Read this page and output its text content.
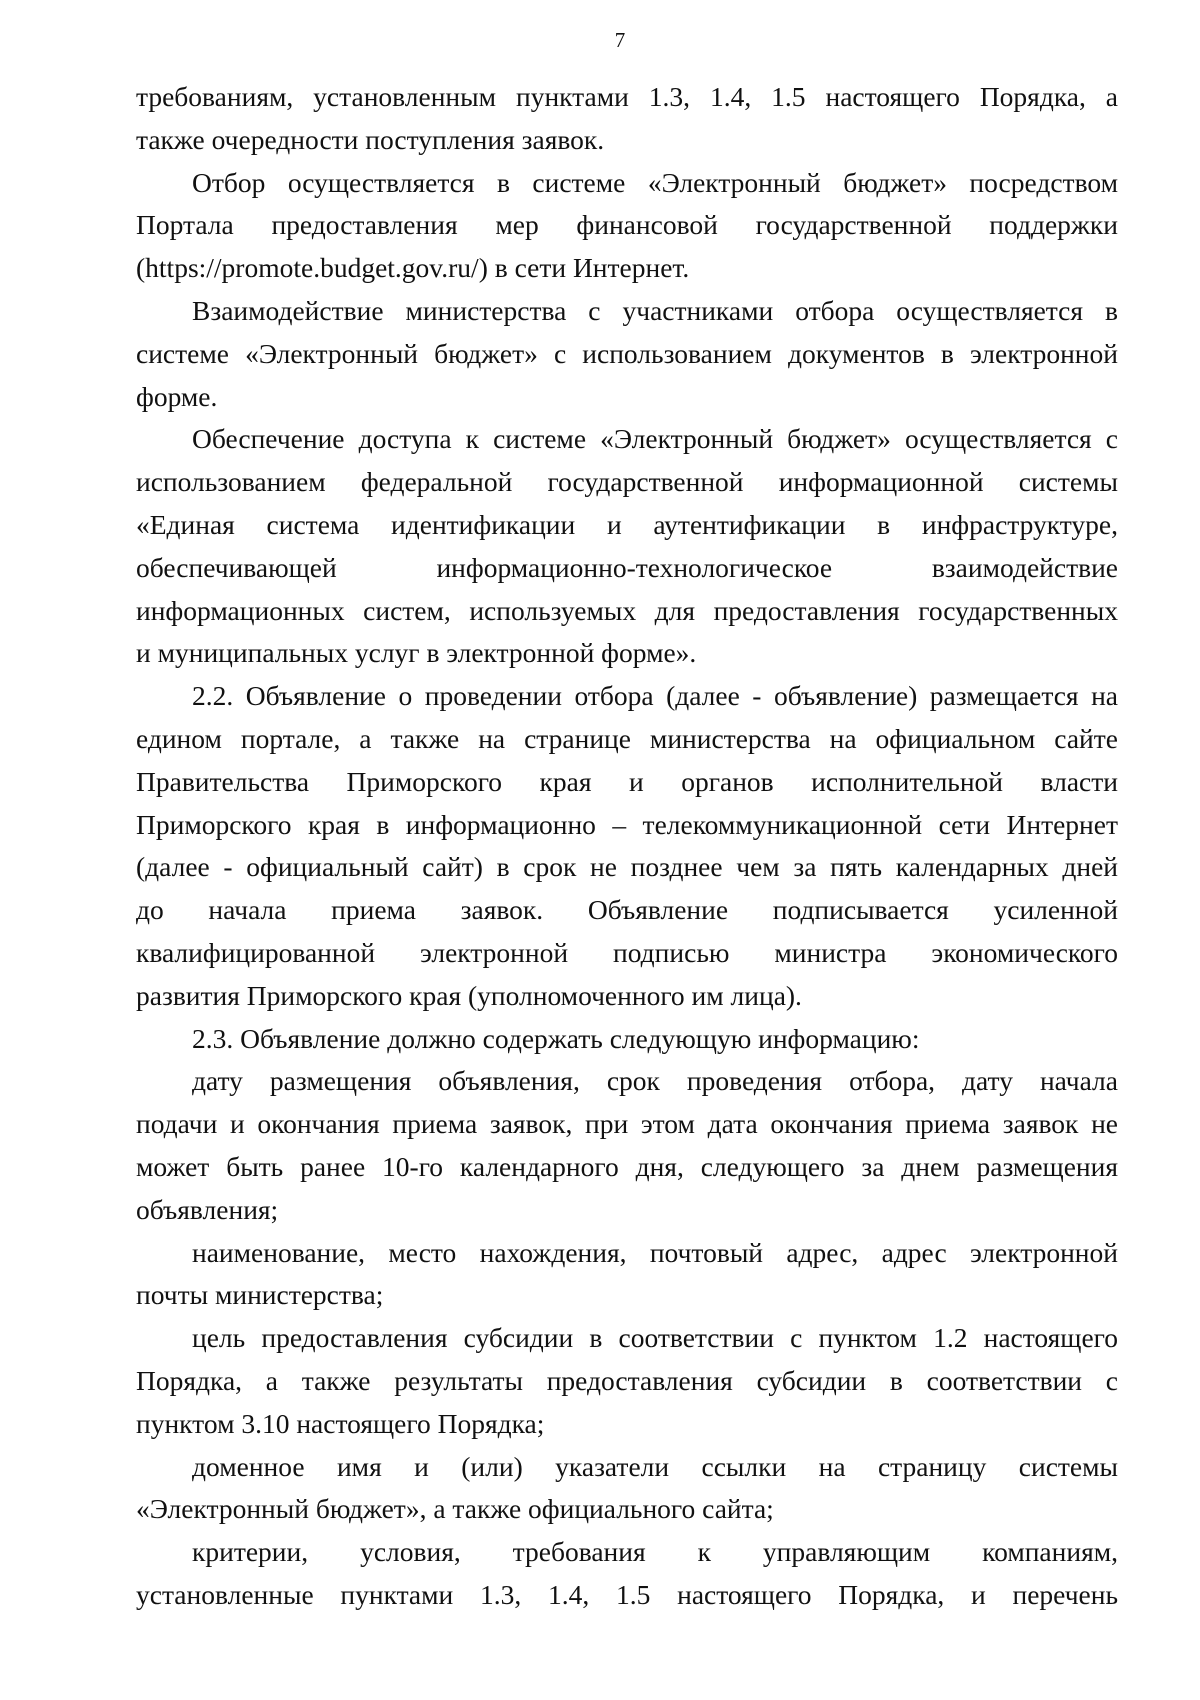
7

требованиям, установленным пунктами 1.3, 1.4, 1.5 настоящего Порядка, а
также очередности поступления заявок.

Отбор осуществляется в системе «Электронный бюджет» посредством
Портала предоставления мер финансовой государственной поддержки
(https://promote.budget.gov.ru/) в сети Интернет.

Взаимодействие министерства с участниками отбора осуществляется в
системе «Электронный бюджет» с использованием документов в электронной
форме.

Обеспечение доступа к системе «Электронный бюджет» осуществляется с
использованием федеральной государственной информационной системы
«Единая система идентификации и аутентификации в инфраструктуре,
обеспечивающей информационно-технологическое взаимодействие
информационных систем, используемых для предоставления государственных
и муниципальных услуг в электронной форме».

2.2. Объявление о проведении отбора (далее - объявление) размещается на
едином портале, а также на странице министерства на официальном сайте
Правительства Приморского края и органов исполнительной власти
Приморского края в информационно – телекоммуникационной сети Интернет
(далее - официальный сайт) в срок не позднее чем за пять календарных дней
до начала приема заявок. Объявление подписывается усиленной
квалифицированной электронной подписью министра экономического
развития Приморского края (уполномоченного им лица).

2.3. Объявление должно содержать следующую информацию:

дату размещения объявления, срок проведения отбора, дату начала
подачи и окончания приема заявок, при этом дата окончания приема заявок не
может быть ранее 10-го календарного дня, следующего за днем размещения
объявления;

наименование, место нахождения, почтовый адрес, адрес электронной
почты министерства;

цель предоставления субсидии в соответствии с пунктом 1.2 настоящего
Порядка, а также результаты предоставления субсидии в соответствии с
пунктом 3.10 настоящего Порядка;

доменное имя и (или) указатели ссылки на страницу системы
«Электронный бюджет», а также официального сайта;

критерии, условия, требования к управляющим компаниям,
установленные пунктами 1.3, 1.4, 1.5 настоящего Порядка, и перечень
